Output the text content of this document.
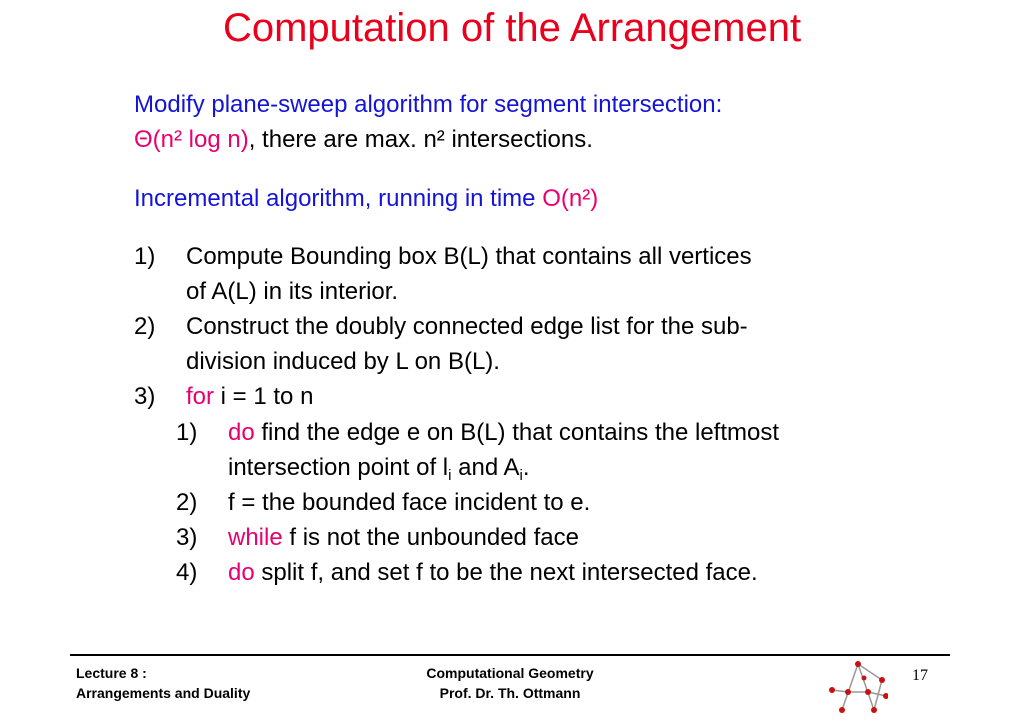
Computation of the Arrangement

Modify plane-sweep algorithm for segment intersection:

Θ(n² log n), there are max. n² intersections.

Incremental algorithm, running in time O(n²)

1) Compute Bounding box B(L) that contains all vertices
of A(L) in its interior.
2) Construct the doubly connected edge list for the sub-
division induced by L on B(L).
3) for i = 1 to n
1) do find the edge e on B(L) that contains the leftmost
intersection point of $l_i$ and $A_i$.
2) f = the bounded face incident to e.
3) while f is not the unbounded face
4) do split f, and set f to be the next intersected face.
Lecture 8 :
Arrangements and Duality
Computational Geometry
Prof. Dr. Th. Ottmann
17
